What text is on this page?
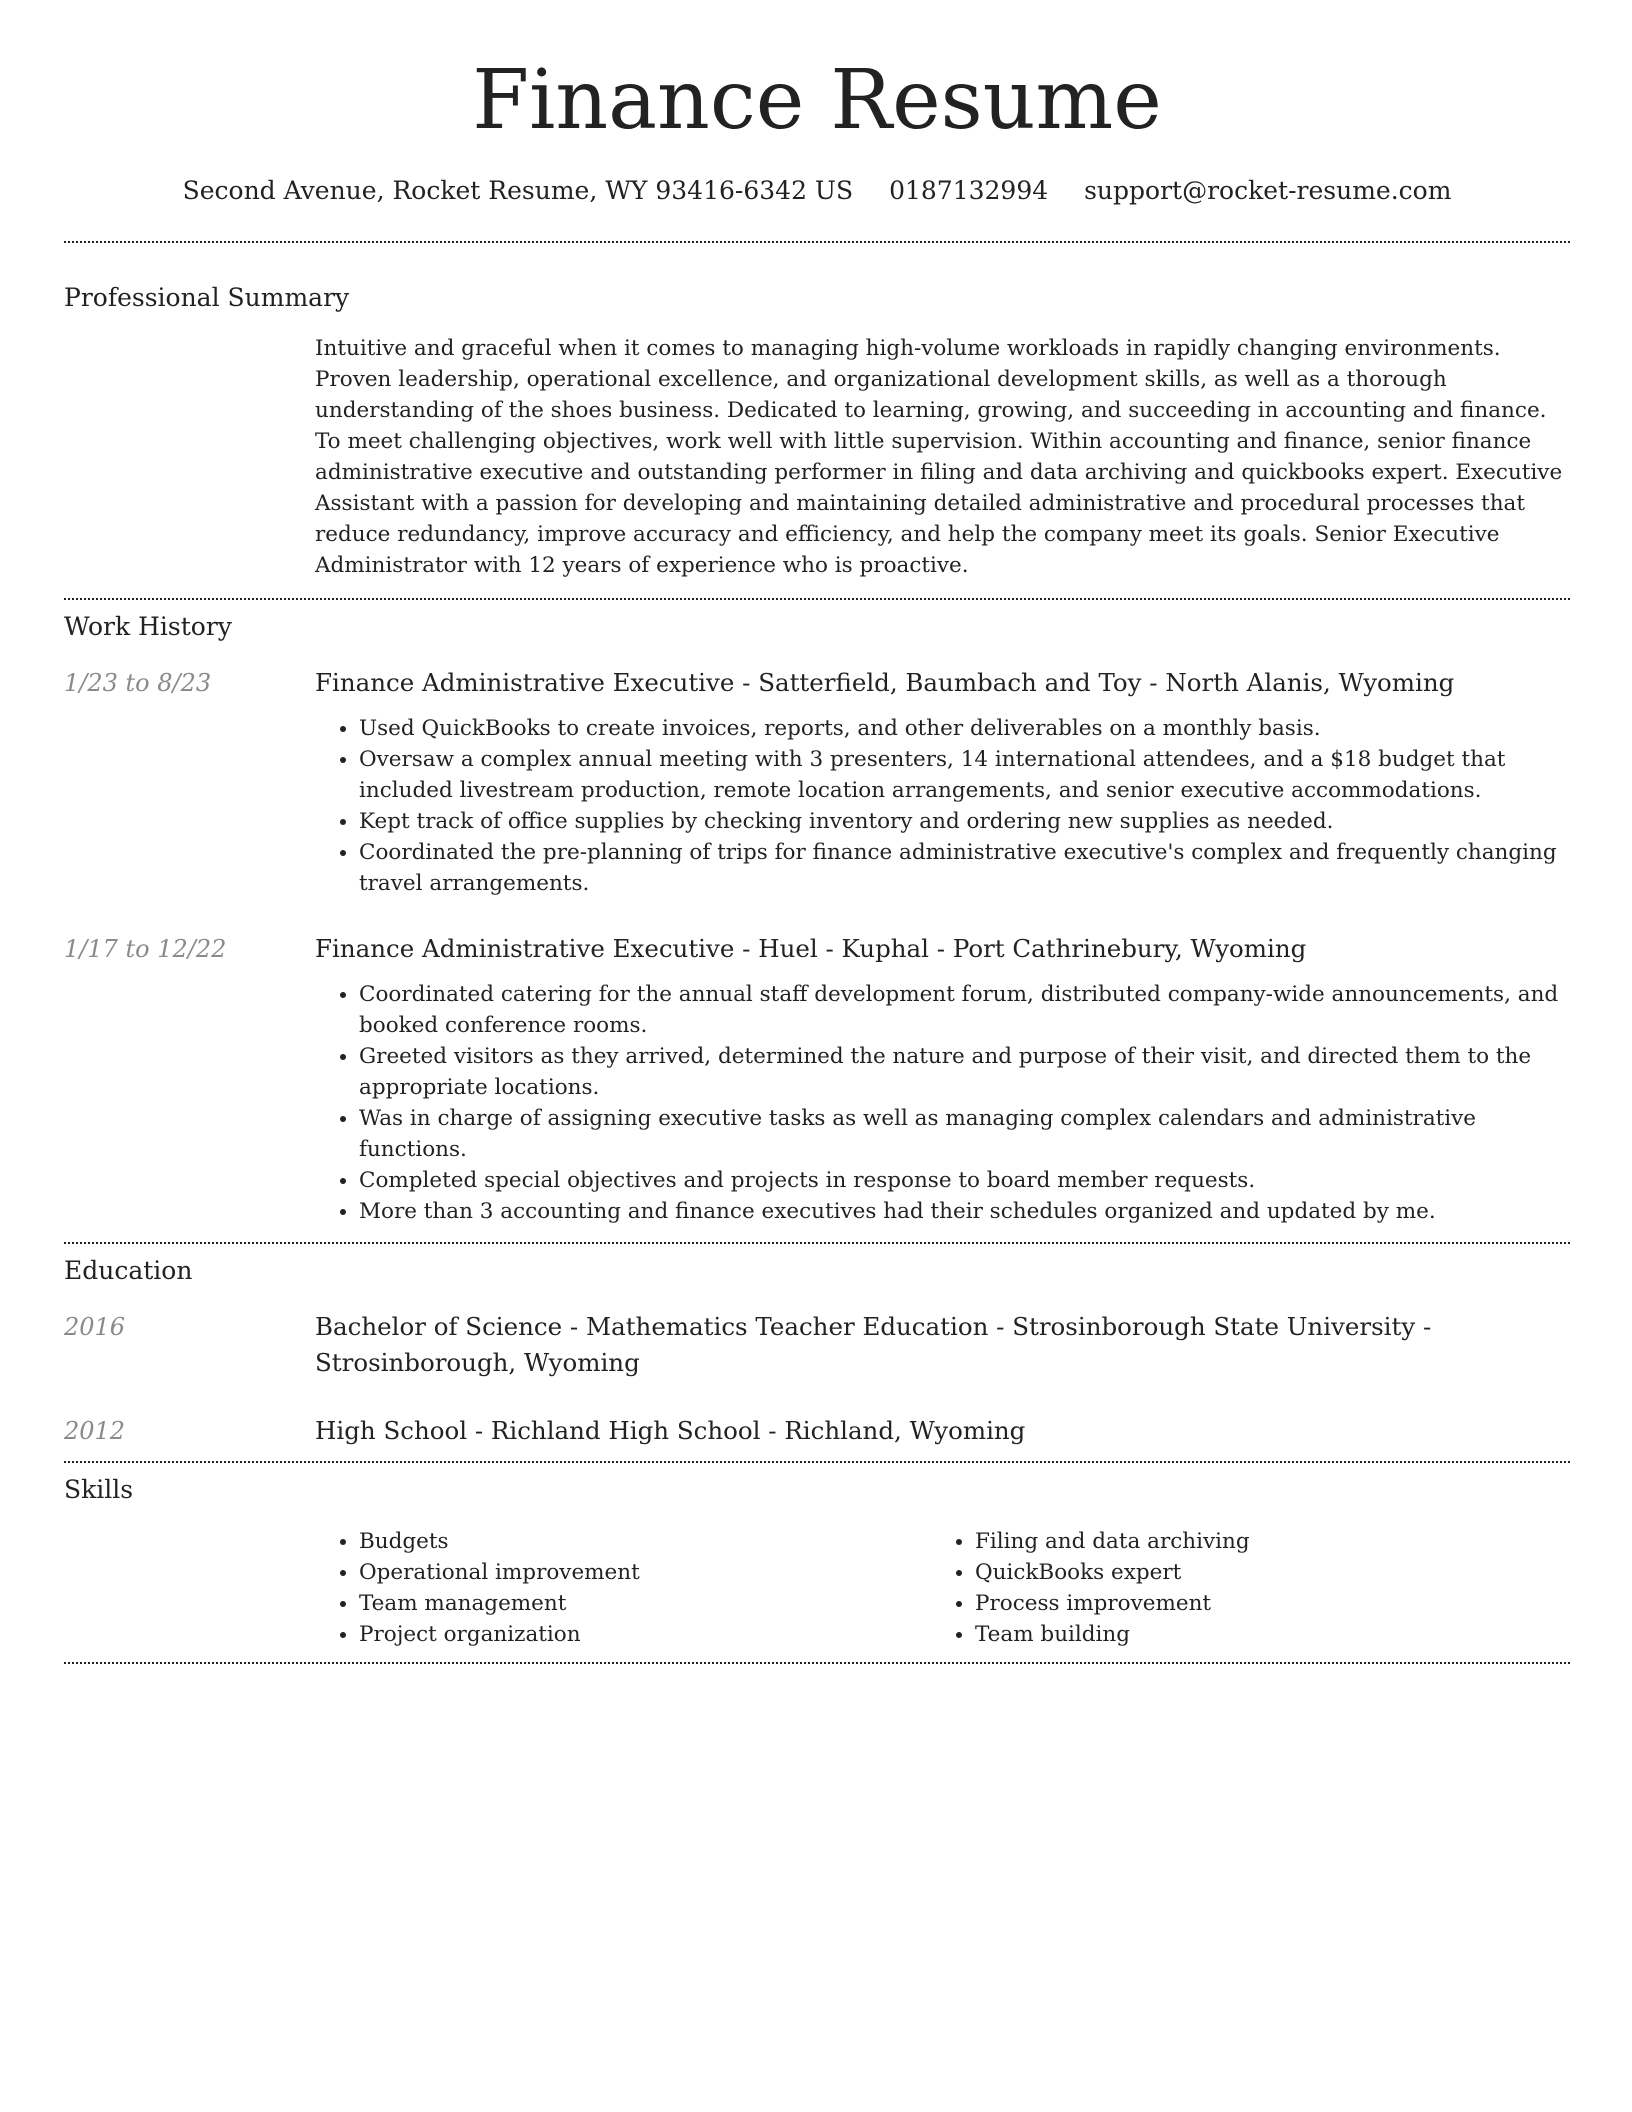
Finance Resume
Second Avenue, Rocket Resume, WY 93416-6342 US 0187132994 support@rocket-resume.com
Professional Summary

Intuitive and graceful when it comes to managing high-volume workloads in rapidly changing environments. Proven leadership, operational excellence, and organizational development skills, as well as a thorough understanding of the shoes business. Dedicated to learning, growing, and succeeding in accounting and finance. To meet challenging objectives, work well with little supervision. Within accounting and finance, senior finance administrative executive and outstanding performer in filing and data archiving and quickbooks expert. Executive Assistant with a passion for developing and maintaining detailed administrative and procedural processes that reduce redundancy, improve accuracy and efficiency, and help the company meet its goals. Senior Executive Administrator with 12 years of experience who is proactive.

Work History
1/23 to 8/23	Finance Administrative Executive - Satterfield, Baumbach and Toy - North Alanis, Wyoming

• Used QuickBooks to create invoices, reports, and other deliverables on a monthly basis.
• Oversaw a complex annual meeting with 3 presenters, 14 international attendees, and a $18 budget that included livestream production, remote location arrangements, and senior executive accommodations.
• Kept track of office supplies by checking inventory and ordering new supplies as needed.
• Coordinated the pre-planning of trips for finance administrative executive's complex and frequently changing travel arrangements.
1/17 to 12/22	Finance Administrative Executive - Huel - Kuphal - Port Cathrinebury, Wyoming

• Coordinated catering for the annual staff development forum, distributed company-wide announcements, and booked conference rooms.
• Greeted visitors as they arrived, determined the nature and purpose of their visit, and directed them to the appropriate locations.
• Was in charge of assigning executive tasks as well as managing complex calendars and administrative functions.
• Completed special objectives and projects in response to board member requests.
• More than 3 accounting and finance executives had their schedules organized and updated by me.
Education
2016	Bachelor of Science - Mathematics Teacher Education - Strosinborough State University - Strosinborough, Wyoming

2012	High School - Richland High School - Richland, Wyoming

Skills
• Budgets
• Operational improvement
• Team management
• Project organization
• Filing and data archiving
• QuickBooks expert
• Process improvement
• Team building
